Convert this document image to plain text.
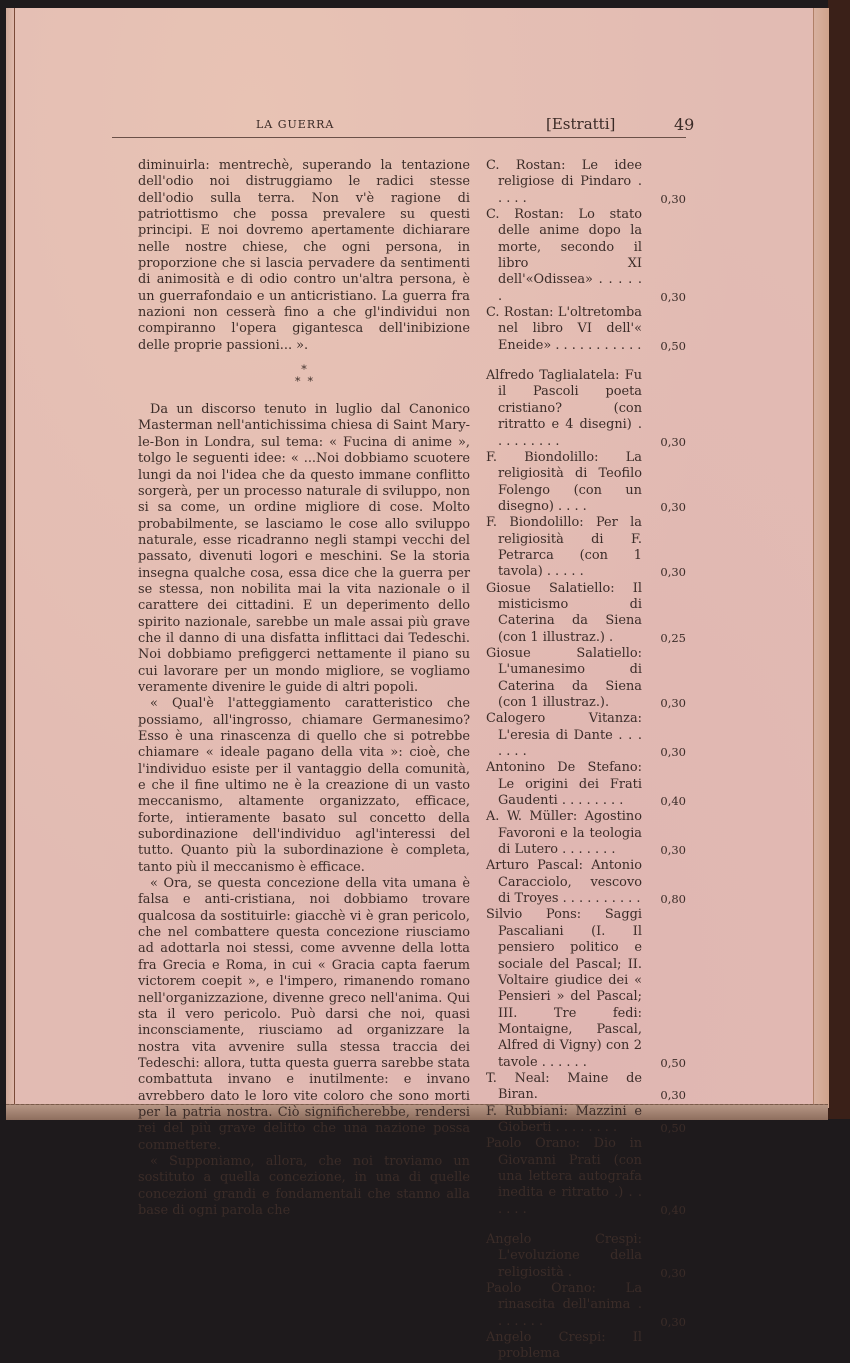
LA GUERRA	[Estratti]	49

diminuirla: mentrechè, superando la tentazione dell'odio noi distruggiamo le radici stesse dell'odio sulla terra. Non v'è ragione di patriottismo che possa prevalere su questi principi. E noi dovremo apertamente dichiarare nelle nostre chiese, che ogni persona, in proporzione che si lascia pervadere da sentimenti di animosità e di odio contro un'altra persona, è un guerrafondaio e un anticristiano. La guerra fra nazioni non cesserà fino a che gl'individui non compiranno l'opera gigantesca dell'inibizione delle proprie passioni... ».

*
* *

Da un discorso tenuto in luglio dal Canonico Masterman nell'antichissima chiesa di Saint Mary-le-Bon in Londra, sul tema: « Fucina di anime », tolgo le seguenti idee: « ...Noi dobbiamo scuotere lungi da noi l'idea che da questo immane conflitto sorgerà, per un processo naturale di sviluppo, non si sa come, un ordine migliore di cose. Molto probabilmente, se lasciamo le cose allo sviluppo naturale, esse ricadranno negli stampi vecchi del passato, divenuti logori e meschini. Se la storia insegna qualche cosa, essa dice che la guerra per se stessa, non nobilita mai la vita nazionale o il carattere dei cittadini. E un deperimento dello spirito nazionale, sarebbe un male assai più grave che il danno di una disfatta inflittaci dai Tedeschi. Noi dobbiamo prefiggerci nettamente il piano su cui lavorare per un mondo migliore, se vogliamo veramente divenire le guide di altri popoli.

« Qual'è l'atteggiamento caratteristico che possiamo, all'ingrosso, chiamare Germanesimo? Esso è una rinascenza di quello che si potrebbe chiamare « ideale pagano della vita »: cioè, che l'individuo esiste per il vantaggio della comunità, e che il fine ultimo ne è la creazione di un vasto meccanismo, altamente organizzato, efficace, forte, intieramente basato sul concetto della subordinazione dell'individuo agl'interessi del tutto. Quanto più la subordinazione è completa, tanto più il meccanismo è efficace.

« Ora, se questa concezione della vita umana è falsa e anti-cristiana, noi dobbiamo trovare qualcosa da sostituirle: giacchè vi è gran pericolo, che nel combattere questa concezione riusciamo ad adottarla noi stessi, come avvenne della lotta fra Grecia e Roma, in cui « Gracia capta faerum victorem coepit », e l'impero, rimanendo romano nell'organizzazione, divenne greco nell'anima. Qui sta il vero pericolo. Può darsi che noi, quasi inconsciamente, riusciamo ad organizzare la nostra vita avvenire sulla stessa traccia dei Tedeschi: allora, tutta questa guerra sarebbe stata combattuta invano e inutilmente: e invano avrebbero dato le loro vite coloro che sono morti per la patria nostra. Ciò significherebbe, rendersi rei del più grave delitto che una nazione possa commettere.

« Supponiamo, allora, che noi troviamo un sostituto a quella concezione, in una di quelle concezioni grandi e fondamentali che stanno alla base di ogni parola che

C. Rostan: Le idee religiose di Pindaro . . . . .	0,30
C. Rostan: Lo stato delle anime dopo la morte, secondo il libro XI dell'«Odissea» . . . . . .	0,30
C. Rostan: L'oltretomba nel libro VI dell'« Eneide» . . . . . . . . . . . 0,50
Alfredo Taglialatela: Fu il Pascoli poeta cristiano? (con ritratto e 4 disegni) . . . . . . . . .	0,30
F. Biondolillo: La religiosità di Teofilo Folengo (con un disegno) . . . .	0,30
F. Biondolillo: Per la religiosità di F. Petrarca (con 1 tavola) . . . . .	0,30
Giosue Salatiello: Il misticismo di Caterina da Siena (con 1 illustraz.) .	0,25
Giosue Salatiello: L'umanesimo di Caterina da Siena (con 1 illustraz.).	0,30
Calogero Vitanza: L'eresia di Dante . . . . . . .	0,30
Antonino De Stefano: Le origini dei Frati Gaudenti . . . . . . . .	0,40
A. W. Müller: Agostino Favoroni e la teologia di Lutero . . . . . . .	0,30
Arturo Pascal: Antonio Caracciolo, vescovo di Troyes . . . . . . . . . . 0,80
Silvio Pons: Saggi Pascaliani (I. Il pensiero politico e sociale del Pascal; II. Voltaire giudice dei « Pensieri » del Pascal; III. Tre fedi: Montaigne, Pascal, Alfred di Vigny) con 2 tavole . . . . . .	0,50
T. Neal: Maine de Biran.	0,30
F. Rubbiani: Mazzini e Gioberti . . . . . . . .	0,50
Paolo Orano: Dio in Giovanni Prati (con una lettera autografa inedita e ritratto .) . . . . . .	0,40
Angelo Crespi: L'evoluzione della religiosità .	0,30
Paolo Orano: La rinascita dell'anima . . . . . . .	0,30
Angelo Crespi: Il problema
